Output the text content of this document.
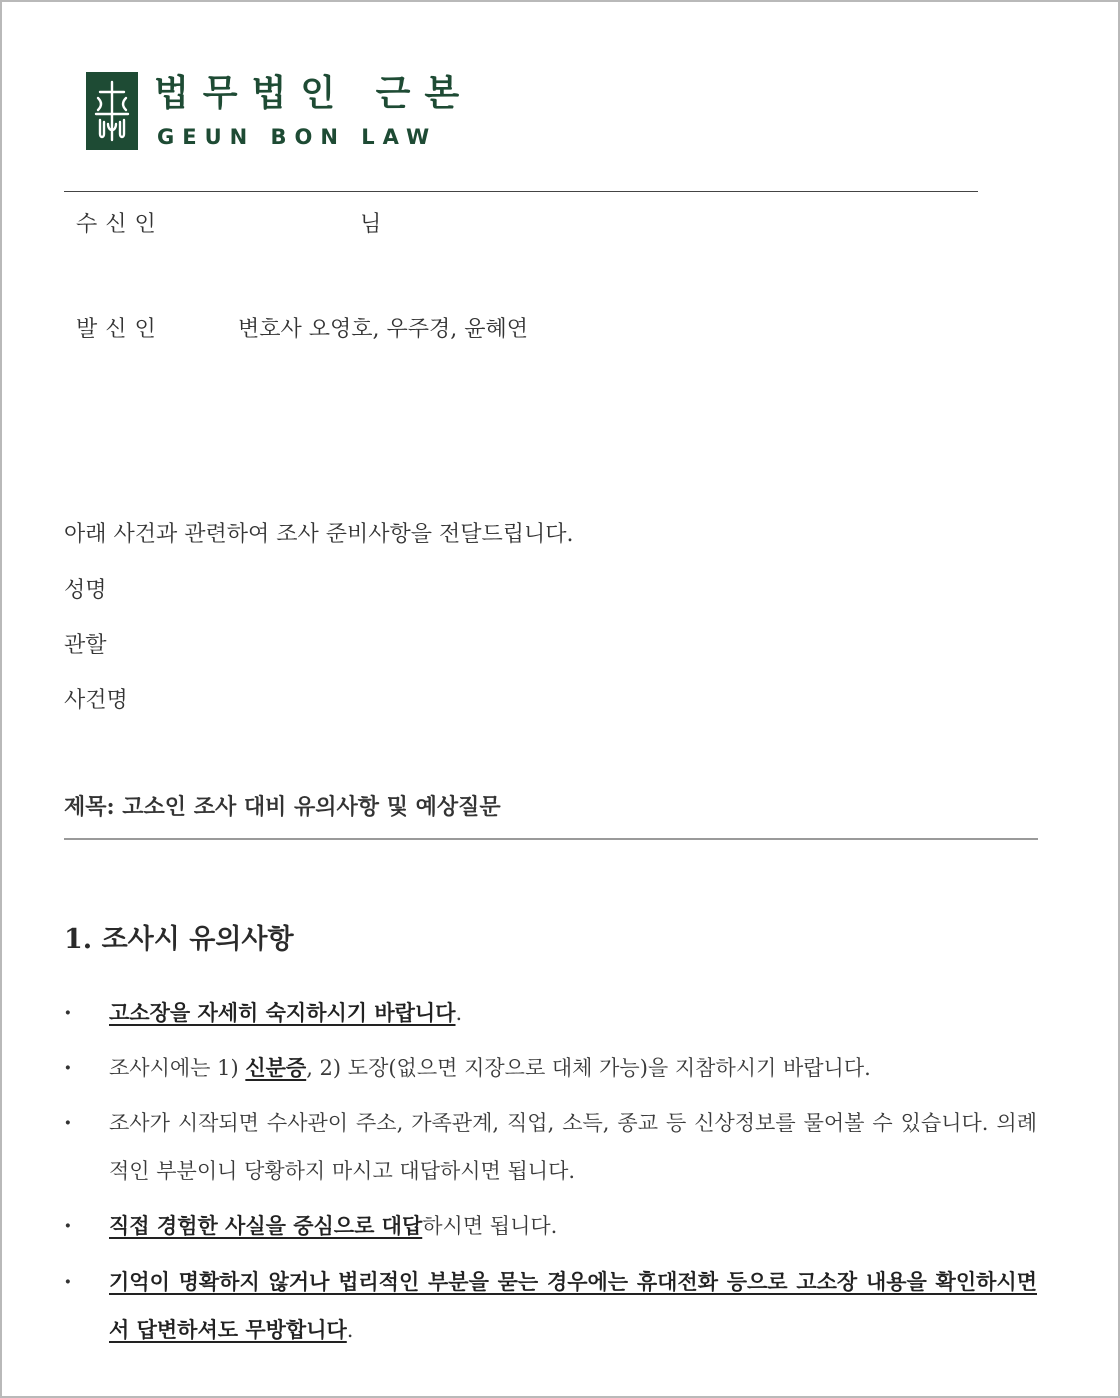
법무법인 근본
GEUN BON LAW
수신인	님
발신인	변호사 오영호, 우주경, 윤혜연
아래 사건과 관련하여 조사 준비사항을 전달드립니다.
성명
관할
사건명
제목: 고소인 조사 대비 유의사항 및 예상질문
1. 조사시 유의사항
· 고소장을 자세히 숙지하시기 바랍니다.
· 조사시에는 1) 신분증, 2) 도장(없으면 지장으로 대체 가능)을 지참하시기 바랍니다.
· 조사가 시작되면 수사관이 주소, 가족관계, 직업, 소득, 종교 등 신상정보를 물어볼 수 있습니다. 의례적인 부분이니 당황하지 마시고 대답하시면 됩니다.
· 직접 경험한 사실을 중심으로 대답하시면 됩니다.
· 기억이 명확하지 않거나 법리적인 부분을 묻는 경우에는 휴대전화 등으로 고소장 내용을 확인하시면서 답변하셔도 무방합니다.
